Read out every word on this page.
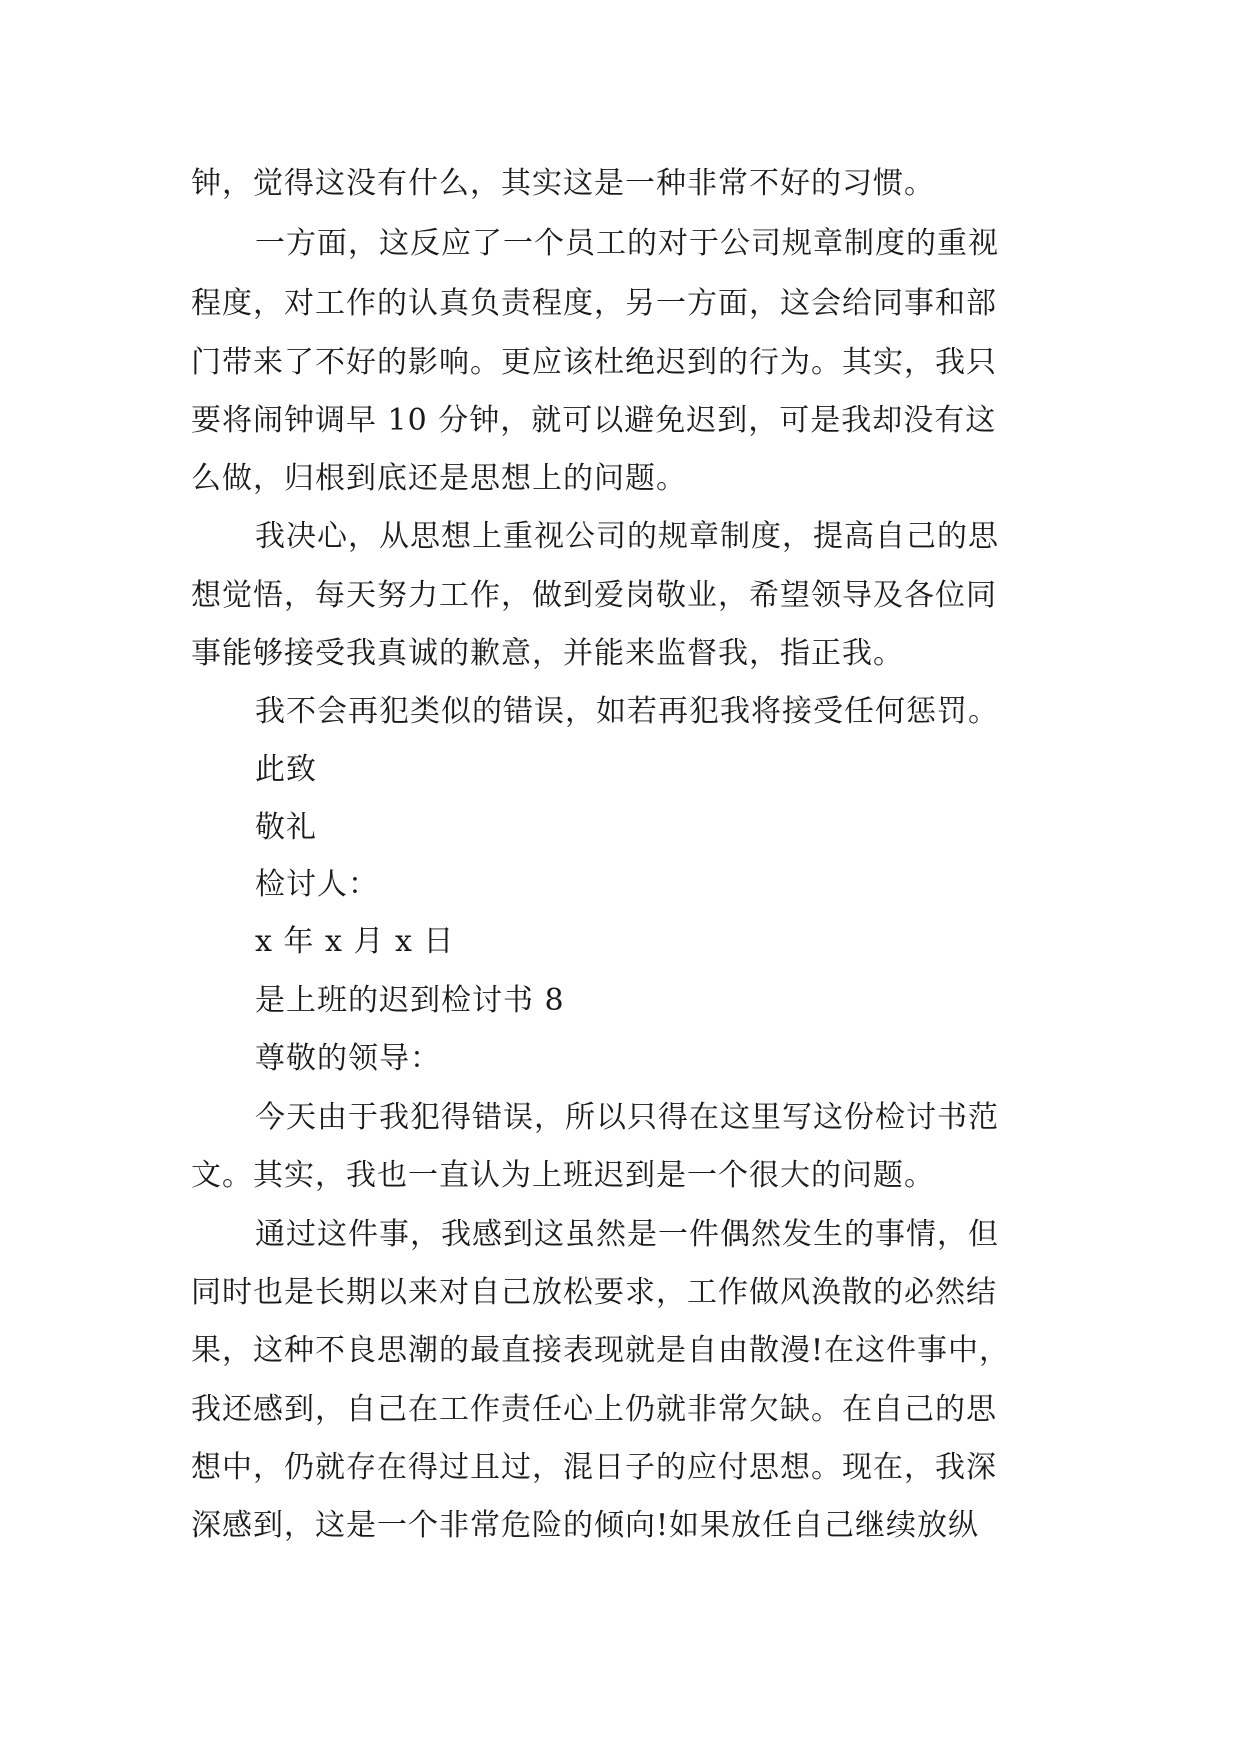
钟，觉得这没有什么，其实这是一种非常不好的习惯。
一方面，这反应了一个员工的对于公司规章制度的重视
程度，对工作的认真负责程度，另一方面，这会给同事和部
门带来了不好的影响。更应该杜绝迟到的行为。其实，我只
要将闹钟调早 10 分钟，就可以避免迟到，可是我却没有这
么做，归根到底还是思想上的问题。
我决心，从思想上重视公司的规章制度，提高自己的思
想觉悟，每天努力工作，做到爱岗敬业，希望领导及各位同
事能够接受我真诚的歉意，并能来监督我，指正我。
我不会再犯类似的错误，如若再犯我将接受任何惩罚。
此致
敬礼
检讨人：
x 年 x 月 x 日
是上班的迟到检讨书 8
尊敬的领导：
今天由于我犯得错误，所以只得在这里写这份检讨书范
文。其实，我也一直认为上班迟到是一个很大的问题。
通过这件事，我感到这虽然是一件偶然发生的事情，但
同时也是长期以来对自己放松要求，工作做风涣散的必然结
果，这种不良思潮的最直接表现就是自由散漫!在这件事中，
我还感到，自己在工作责任心上仍就非常欠缺。在自己的思
想中，仍就存在得过且过，混日子的应付思想。现在，我深
深感到，这是一个非常危险的倾向!如果放任自己继续放纵
